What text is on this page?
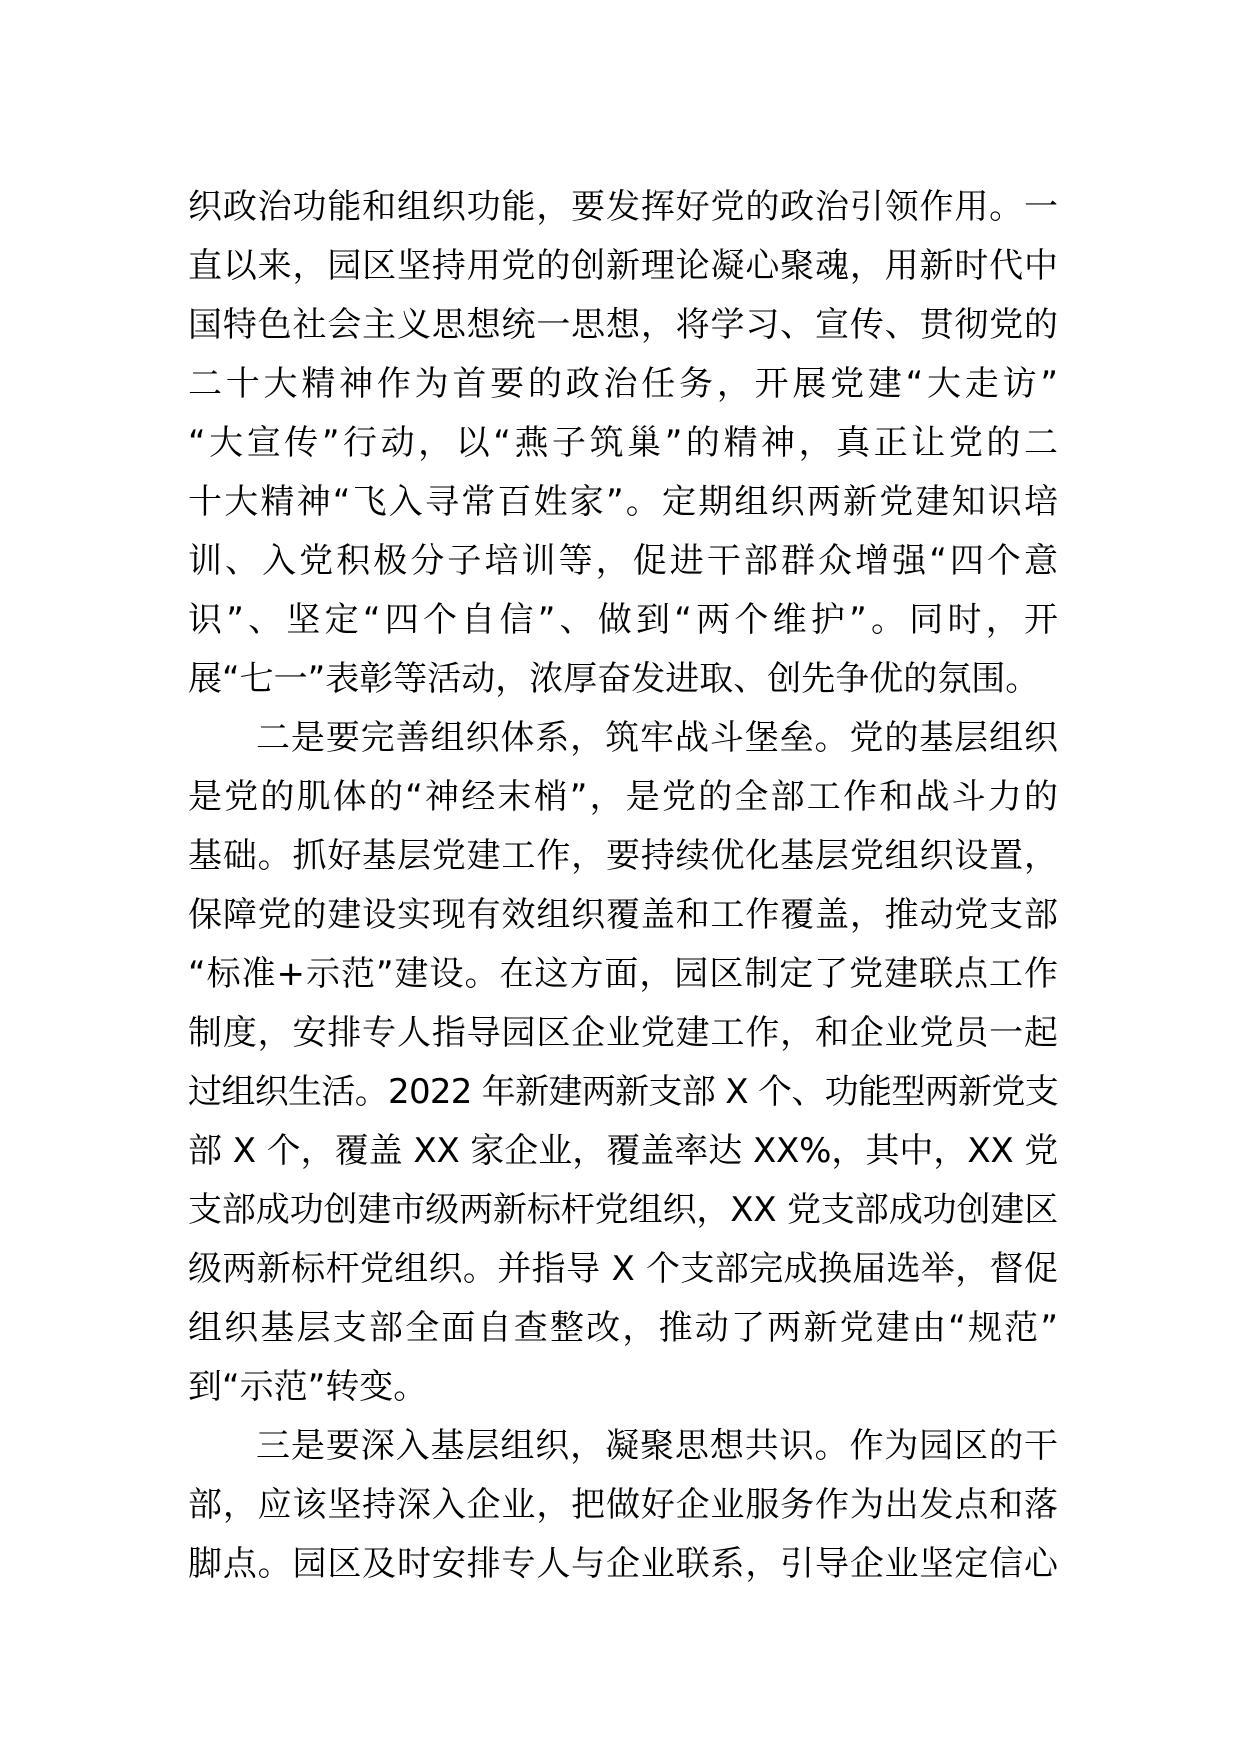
织政治功能和组织功能，要发挥好党的政治引领作用。一
直以来，园区坚持用党的创新理论凝心聚魂，用新时代中
国特色社会主义思想统一思想，将学习、宣传、贯彻党的
二十大精神作为首要的政治任务，开展党建“大走访”
“大宣传”行动，以“燕子筑巢”的精神，真正让党的二
十大精神“飞入寻常百姓家”。定期组织两新党建知识培
训、入党积极分子培训等，促进干部群众增强“四个意
识”、坚定“四个自信”、做到“两个维护”。同时，开
展“七一”表彰等活动，浓厚奋发进取、创先争优的氛围。
二是要完善组织体系，筑牢战斗堡垒。党的基层组织
是党的肌体的“神经末梢”，是党的全部工作和战斗力的
基础。抓好基层党建工作，要持续优化基层党组织设置，
保障党的建设实现有效组织覆盖和工作覆盖，推动党支部
“标准+示范”建设。在这方面，园区制定了党建联点工作
制度，安排专人指导园区企业党建工作，和企业党员一起
过组织生活。2022 年新建两新支部 X 个、功能型两新党支
部 X 个，覆盖 XX 家企业，覆盖率达 XX%，其中，XX 党
支部成功创建市级两新标杆党组织，XX 党支部成功创建区
级两新标杆党组织。并指导 X 个支部完成换届选举，督促
组织基层支部全面自查整改，推动了两新党建由“规范”
到“示范”转变。
三是要深入基层组织，凝聚思想共识。作为园区的干
部，应该坚持深入企业，把做好企业服务作为出发点和落
脚点。园区及时安排专人与企业联系，引导企业坚定信心
